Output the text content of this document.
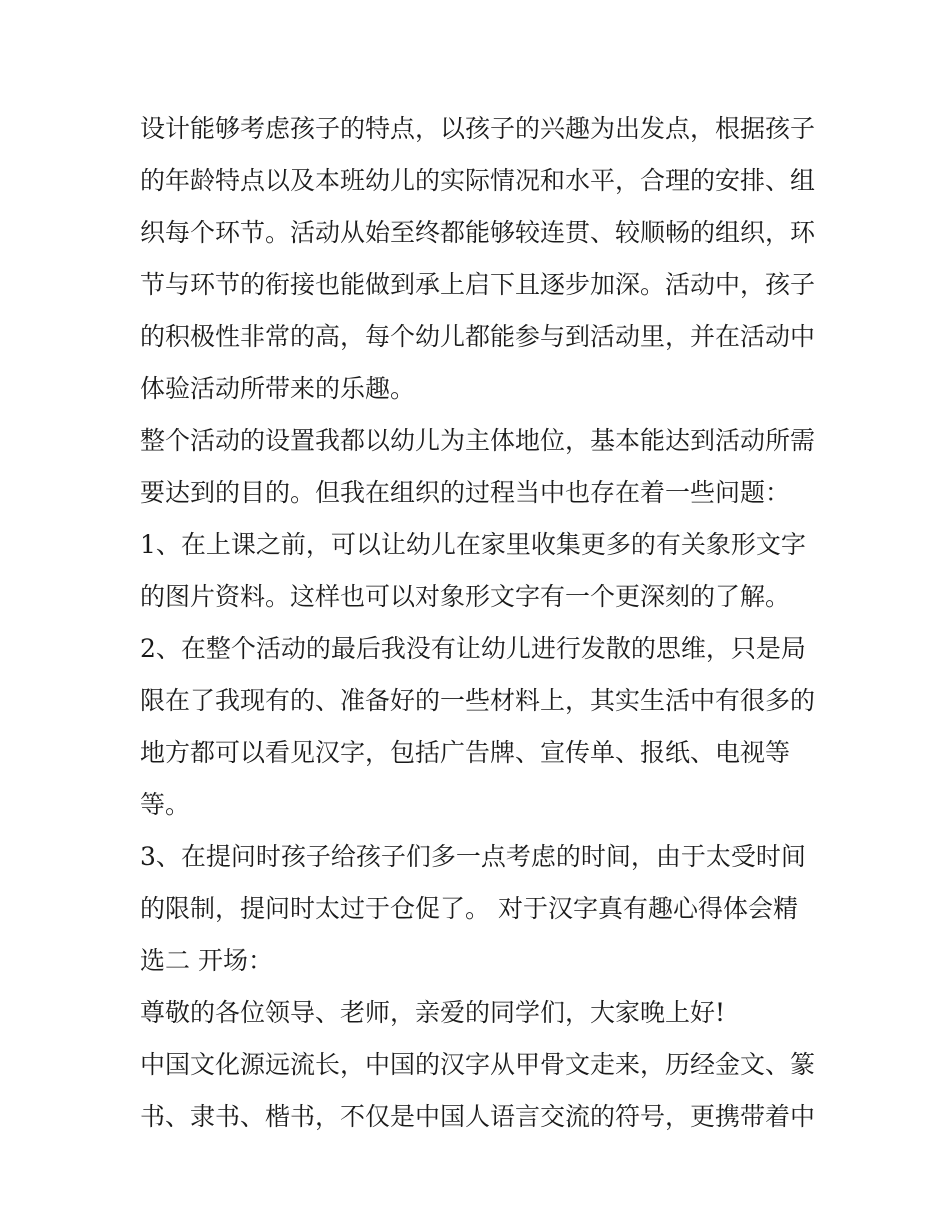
设计能够考虑孩子的特点，以孩子的兴趣为出发点，根据孩子
的年龄特点以及本班幼儿的实际情况和水平，合理的安排、组
织每个环节。活动从始至终都能够较连贯、较顺畅的组织，环
节与环节的衔接也能做到承上启下且逐步加深。活动中，孩子
的积极性非常的高，每个幼儿都能参与到活动里，并在活动中
体验活动所带来的乐趣。
整个活动的设置我都以幼儿为主体地位，基本能达到活动所需
要达到的目的。但我在组织的过程当中也存在着一些问题：
1、在上课之前，可以让幼儿在家里收集更多的有关象形文字
的图片资料。这样也可以对象形文字有一个更深刻的了解。
2、在整个活动的最后我没有让幼儿进行发散的思维，只是局
限在了我现有的、准备好的一些材料上，其实生活中有很多的
地方都可以看见汉字，包括广告牌、宣传单、报纸、电视等
等。
3、在提问时孩子给孩子们多一点考虑的时间，由于太受时间
的限制，提问时太过于仓促了。 对于汉字真有趣心得体会精
选二 开场：
尊敬的各位领导、老师，亲爱的同学们，大家晚上好!
中国文化源远流长，中国的汉字从甲骨文走来，历经金文、篆
书、隶书、楷书，不仅是中国人语言交流的符号，更携带着中
